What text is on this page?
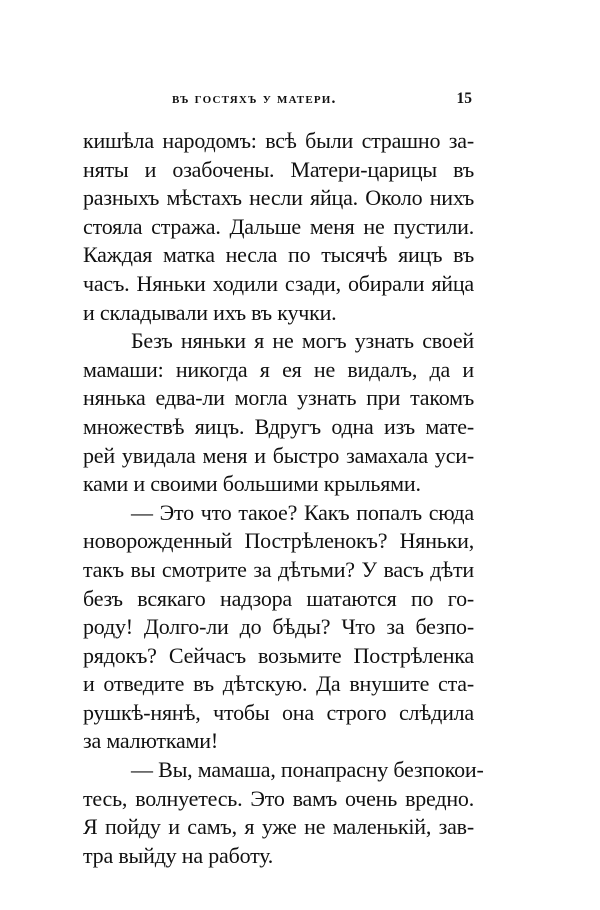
въ гостяхъ у матери.	15
кишѣла народомъ: всѣ были страшно за-
няты и озабочены. Матери-царицы въ
разныхъ мѣстахъ несли яйца. Около нихъ
стояла стража. Дальше меня не пустили.
Каждая матка несла по тысячѣ яицъ въ
часъ. Няньки ходили сзади, обирали яйца
и складывали ихъ въ кучки.
Безъ няньки я не могъ узнать своей
мамаши: никогда я ея не видалъ, да и
нянька едва-ли могла узнать при такомъ
множествѣ яицъ. Вдругъ одна изъ мате-
рей увидала меня и быстро замахала уси-
ками и своими большими крыльями.
— Это что такое? Какъ попалъ сюда
новорожденный Пострѣленокъ? Няньки,
такъ вы смотрите за дѣтьми? У васъ дѣти
безъ всякаго надзора шатаются по го-
роду! Долго-ли до бѣды? Что за безпо-
рядокъ? Сейчасъ возьмите Пострѣленка
и отведите въ дѣтскую. Да внушите ста-
рушкѣ-нянѣ, чтобы она строго слѣдила
за малютками!
— Вы, мамаша, понапрасну безпокои-
тесь, волнуетесь. Это вамъ очень вредно.
Я пойду и самъ, я уже не маленькій, зав-
тра выйду на работу.
